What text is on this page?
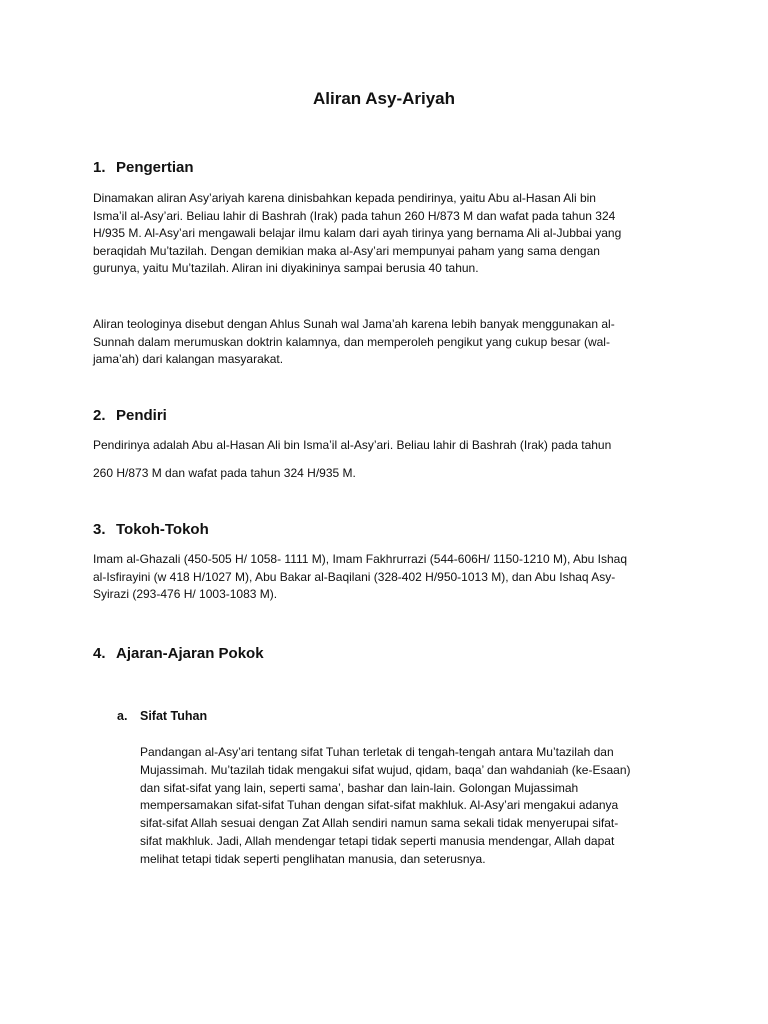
Aliran Asy-Ariyah
1. Pengertian
Dinamakan aliran Asy’ariyah karena dinisbahkan kepada pendirinya, yaitu Abu al-Hasan Ali bin
Isma’il al-Asy’ari. Beliau lahir di Bashrah (Irak) pada tahun 260 H/873 M dan wafat pada tahun 324
H/935 M. Al-Asy’ari mengawali belajar ilmu kalam dari ayah tirinya yang bernama Ali al-Jubbai yang
beraqidah Mu’tazilah. Dengan demikian maka al-Asy’ari mempunyai paham yang sama dengan
gurunya, yaitu Mu’tazilah. Aliran ini diyakininya sampai berusia 40 tahun.
Aliran teologinya disebut dengan Ahlus Sunah wal Jama’ah karena lebih banyak menggunakan al-
Sunnah dalam merumuskan doktrin kalamnya, dan memperoleh pengikut yang cukup besar (wal-
jama’ah) dari kalangan masyarakat.
2. Pendiri
Pendirinya adalah Abu al-Hasan Ali bin Isma’il al-Asy’ari. Beliau lahir di Bashrah (Irak) pada tahun
260 H/873 M dan wafat pada tahun 324 H/935 M.
3. Tokoh-Tokoh
Imam al-Ghazali (450-505 H/ 1058- 1111 M), Imam Fakhrurrazi (544-606H/ 1150-1210 M), Abu Ishaq
al-Isfirayini (w 418 H/1027 M), Abu Bakar al-Baqilani (328-402 H/950-1013 M), dan Abu Ishaq Asy-
Syirazi (293-476 H/ 1003-1083 M).
4. Ajaran-Ajaran Pokok
a. Sifat Tuhan
Pandangan al-Asy’ari tentang sifat Tuhan terletak di tengah-tengah antara Mu’tazilah dan
Mujassimah. Mu’tazilah tidak mengakui sifat wujud, qidam, baqa’ dan wahdaniah (ke-Esaan)
dan sifat-sifat yang lain, seperti sama’, bashar dan lain-lain. Golongan Mujassimah
mempersamakan sifat-sifat Tuhan dengan sifat-sifat makhluk. Al-Asy’ari mengakui adanya
sifat-sifat Allah sesuai dengan Zat Allah sendiri namun sama sekali tidak menyerupai sifat-
sifat makhluk. Jadi, Allah mendengar tetapi tidak seperti manusia mendengar, Allah dapat
melihat tetapi tidak seperti penglihatan manusia, dan seterusnya.
